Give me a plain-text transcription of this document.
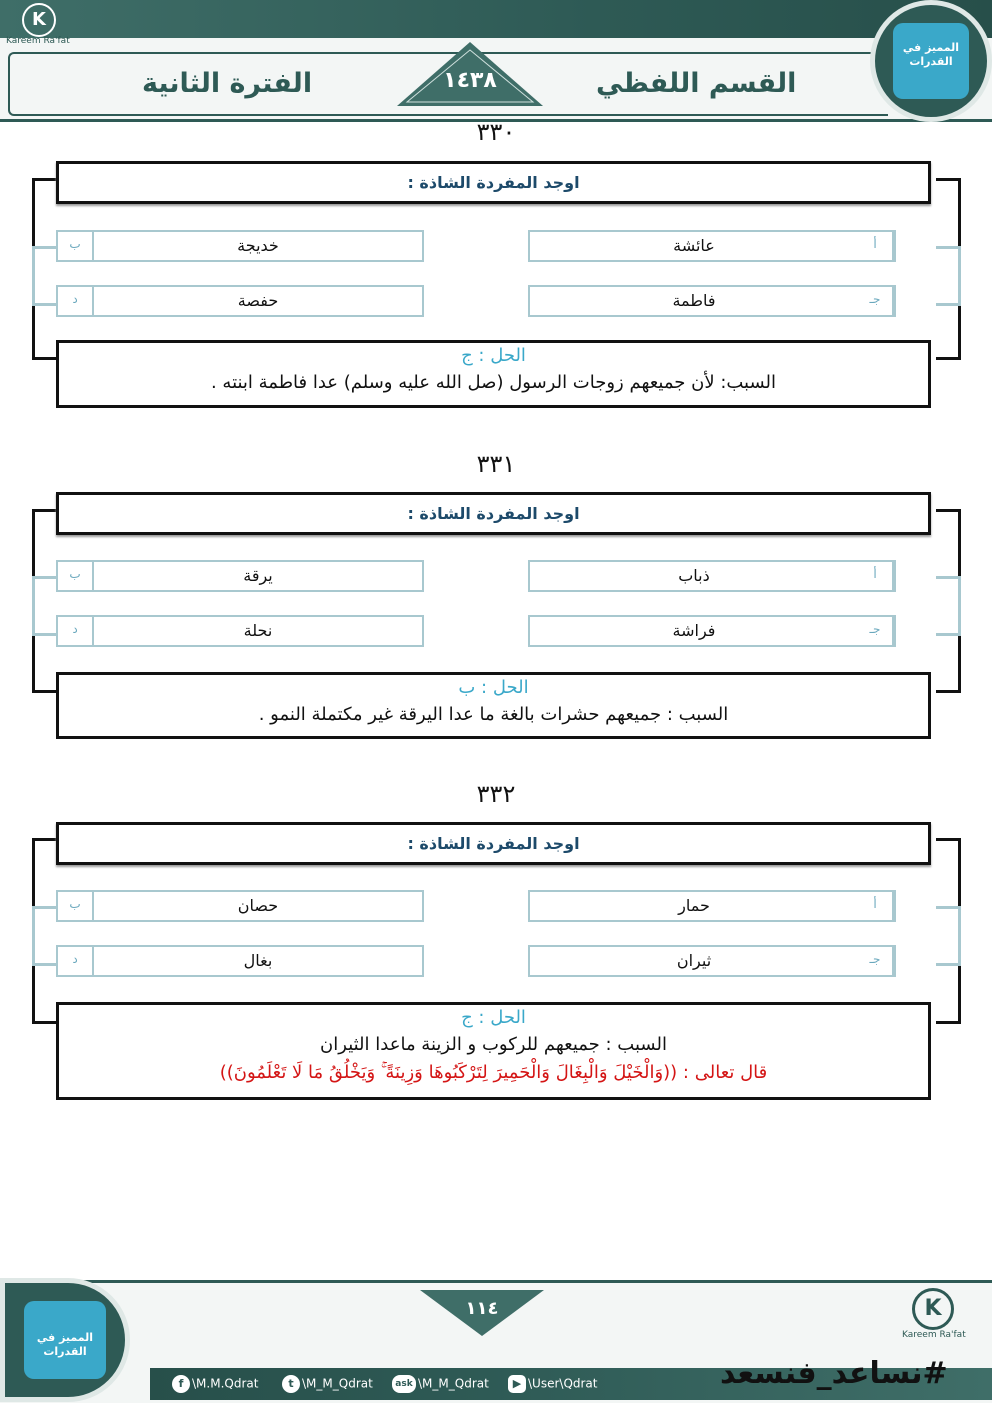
K
Kareem Ra'fat
١٤٣٨	القسم اللفظي
الفترة الثانية
المميز في القدرات
٣٣٠
اوجد المفردة الشاذة :
ب	خديجة	عائشة	أ
د	حفصة	فاطمة	جـ
الحل : ج
السبب: لأن جميعهم زوجات الرسول (صل الله عليه وسلم) عدا فاطمة ابنته .
٣٣١
اوجد المفردة الشاذة :
ب	يرقة	ذباب	أ
د	نحلة	فراشة	جـ
الحل : ب
السبب : جميعهم حشرات بالغة ما عدا اليرقة غير مكتملة النمو .
٣٣٢
اوجد المفردة الشاذة :
ب	حصان	حمار	أ
د	بغال	ثيران	جـ
الحل : ج
السبب : جميعهم للركوب و الزينة ماعدا الثيران
قال تعالى : ((وَالْخَيْلَ وَالْبِغَالَ وَالْحَمِيرَ لِتَرْكَبُوهَا وَزِينَةً ۚ وَيَخْلُقُ مَا لَا تَعْلَمُونَ))
المميز في القدرات
١١٤	K
Kareem Ra'fat
f \M.M.Qdrat	t \M_M_Qdrat	ask \M_M_Qdrat	▶ \User\Qdrat	#نساعد_فنسعد
